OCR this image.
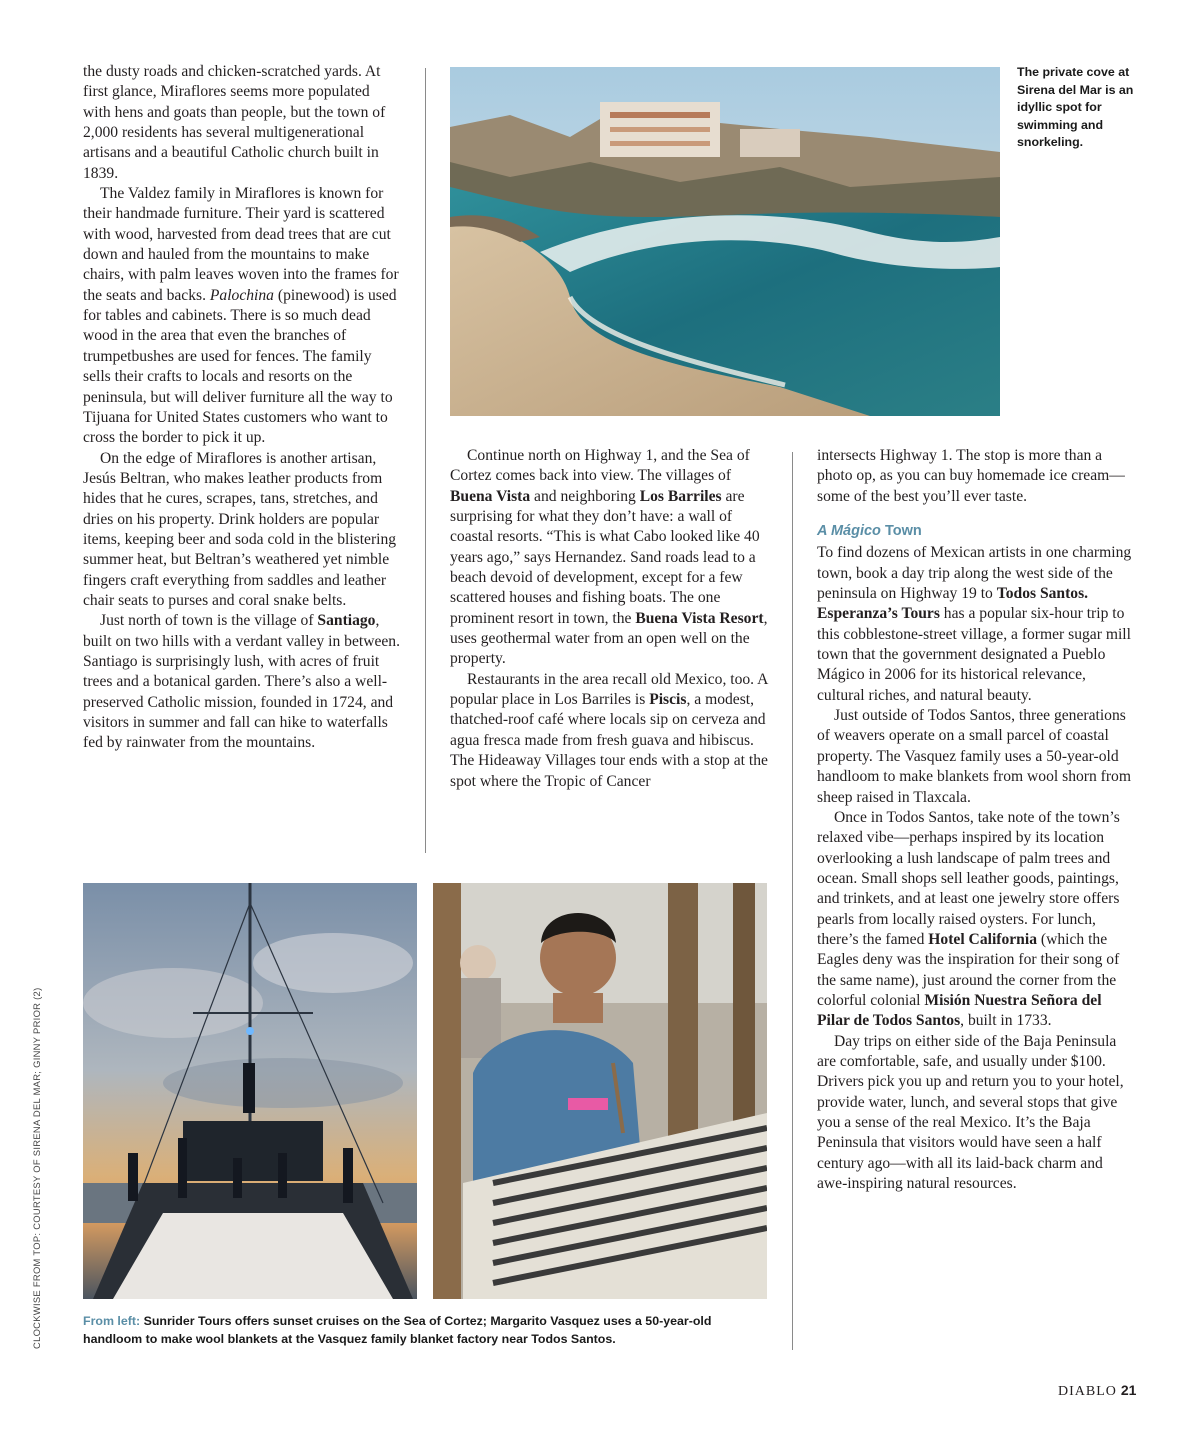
CLOCKWISE FROM TOP: COURTESY OF SIRENA DEL MAR; GINNY PRIOR (2)

the dusty roads and chicken-scratched yards. At first glance, Miraflores seems more populated with hens and goats than people, but the town of 2,000 residents has several multigenerational artisans and a beautiful Catholic church built in 1839.

The Valdez family in Miraflores is known for their handmade furniture. Their yard is scattered with wood, harvested from dead trees that are cut down and hauled from the mountains to make chairs, with palm leaves woven into the frames for the seats and backs. Palochina (pinewood) is used for tables and cabinets. There is so much dead wood in the area that even the branches of trumpetbushes are used for fences. The family sells their crafts to locals and resorts on the peninsula, but will deliver furniture all the way to Tijuana for United States customers who want to cross the border to pick it up.

On the edge of Miraflores is another artisan, Jesús Beltran, who makes leather products from hides that he cures, scrapes, tans, stretches, and dries on his property. Drink holders are popular items, keeping beer and soda cold in the blistering summer heat, but Beltran’s weathered yet nimble fingers craft everything from saddles and leather chair seats to purses and coral snake belts.

Just north of town is the village of Santiago, built on two hills with a verdant valley in between. Santiago is surprisingly lush, with acres of fruit trees and a botanical garden. There’s also a well-preserved Catholic mission, founded in 1724, and visitors in summer and fall can hike to waterfalls fed by rainwater from the mountains.

The private cove at Sirena del Mar is an idyllic spot for swimming and snorkeling.

Continue north on Highway 1, and the Sea of Cortez comes back into view. The villages of Buena Vista and neighboring Los Barriles are surprising for what they don’t have: a wall of coastal resorts. “This is what Cabo looked like 40 years ago,” says Hernandez. Sand roads lead to a beach devoid of development, except for a few scattered houses and fishing boats. The one prominent resort in town, the Buena Vista Resort, uses geothermal water from an open well on the property.

Restaurants in the area recall old Mexico, too. A popular place in Los Barriles is Piscis, a modest, thatched-roof café where locals sip on cerveza and agua fresca made from fresh guava and hibiscus. The Hideaway Villages tour ends with a stop at the spot where the Tropic of Cancer

intersects Highway 1. The stop is more than a photo op, as you can buy homemade ice cream—some of the best you’ll ever taste.

A Mágico Town

To find dozens of Mexican artists in one charming town, book a day trip along the west side of the peninsula on Highway 19 to Todos Santos. Esperanza’s Tours has a popular six-hour trip to this cobblestone-street village, a former sugar mill town that the government designated a Pueblo Mágico in 2006 for its historical relevance, cultural riches, and natural beauty.

Just outside of Todos Santos, three generations of weavers operate on a small parcel of coastal property. The Vasquez family uses a 50-year-old handloom to make blankets from wool shorn from sheep raised in Tlaxcala.

Once in Todos Santos, take note of the town’s relaxed vibe—perhaps inspired by its location overlooking a lush landscape of palm trees and ocean. Small shops sell leather goods, paintings, and trinkets, and at least one jewelry store offers pearls from locally raised oysters. For lunch, there’s the famed Hotel California (which the Eagles deny was the inspiration for their song of the same name), just around the corner from the colorful colonial Misión Nuestra Señora del Pilar de Todos Santos, built in 1733.

Day trips on either side of the Baja Peninsula are comfortable, safe, and usually under $100. Drivers pick you up and return you to your hotel, provide water, lunch, and several stops that give you a sense of the real Mexico. It’s the Baja Peninsula that visitors would have seen a half century ago—with all its laid-back charm and awe-inspiring natural resources.

From left: Sunrider Tours offers sunset cruises on the Sea of Cortez; Margarito Vasquez uses a 50-year-old handloom to make wool blankets at the Vasquez family blanket factory near Todos Santos.
DIABLO 21
